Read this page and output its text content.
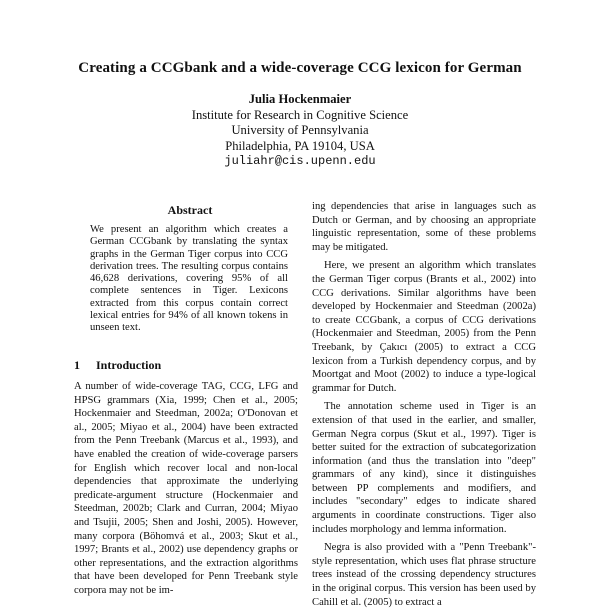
Creating a CCGbank and a wide-coverage CCG lexicon for German
Julia Hockenmaier
Institute for Research in Cognitive Science
University of Pennsylvania
Philadelphia, PA 19104, USA
juliahr@cis.upenn.edu
Abstract

We present an algorithm which creates a German CCGbank by translating the syntax graphs in the German Tiger corpus into CCG derivation trees. The resulting corpus contains 46,628 derivations, covering 95% of all complete sentences in Tiger. Lexicons extracted from this corpus contain correct lexical entries for 94% of all known tokens in unseen text.

1 Introduction

A number of wide-coverage TAG, CCG, LFG and HPSG grammars (Xia, 1999; Chen et al., 2005; Hockenmaier and Steedman, 2002a; O'Donovan et al., 2005; Miyao et al., 2004) have been extracted from the Penn Treebank (Marcus et al., 1993), and have enabled the creation of wide-coverage parsers for English which recover local and non-local dependencies that approximate the underlying predicate-argument structure (Hockenmaier and Steedman, 2002b; Clark and Curran, 2004; Miyao and Tsujii, 2005; Shen and Joshi, 2005). However, many corpora (Böhomvá et al., 2003; Skut et al., 1997; Brants et al., 2002) use dependency graphs or other representations, and the extraction algorithms that have been developed for Penn Treebank style corpora may not be im-

ing dependencies that arise in languages such as Dutch or German, and by choosing an appropriate linguistic representation, some of these problems may be mitigated.

Here, we present an algorithm which translates the German Tiger corpus (Brants et al., 2002) into CCG derivations. Similar algorithms have been developed by Hockenmaier and Steedman (2002a) to create CCGbank, a corpus of CCG derivations (Hockenmaier and Steedman, 2005) from the Penn Treebank, by Çakıcı (2005) to extract a CCG lexicon from a Turkish dependency corpus, and by Moortgat and Moot (2002) to induce a type-logical grammar for Dutch.

The annotation scheme used in Tiger is an extension of that used in the earlier, and smaller, German Negra corpus (Skut et al., 1997). Tiger is better suited for the extraction of subcategorization information (and thus the translation into "deep" grammars of any kind), since it distinguishes between PP complements and modifiers, and includes "secondary" edges to indicate shared arguments in coordinate constructions. Tiger also includes morphology and lemma information.

Negra is also provided with a "Penn Treebank"-style representation, which uses flat phrase structure trees instead of the crossing dependency structures in the original corpus. This version has been used by Cahill et al. (2005) to extract a
